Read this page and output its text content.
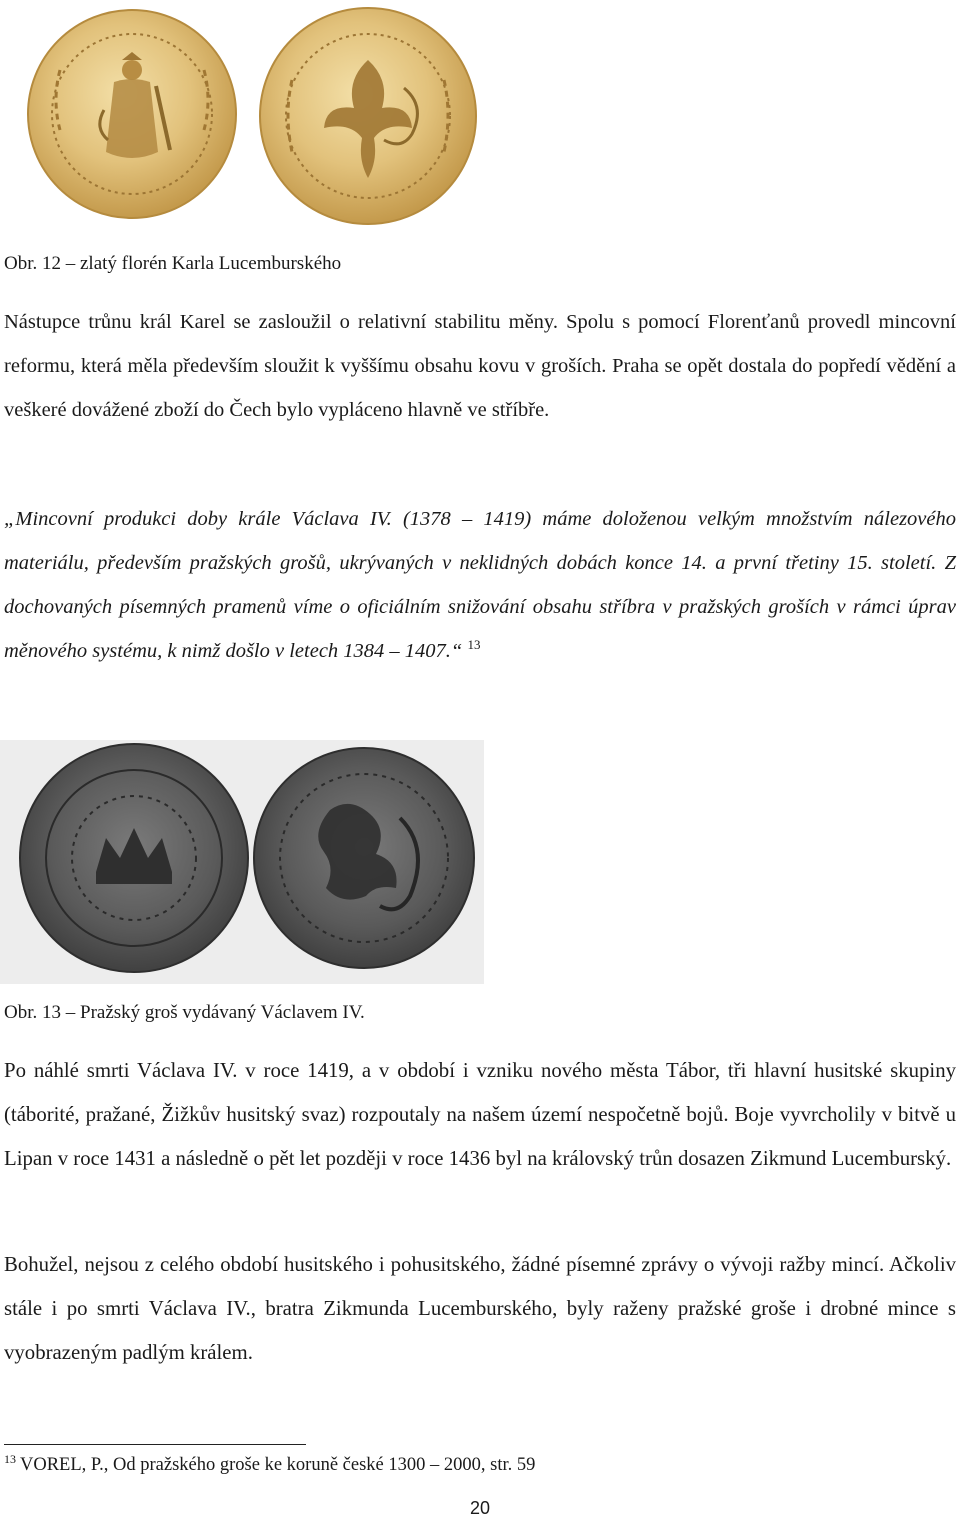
Obr. 12 – zlatý florén Karla Lucemburského

Nástupce trůnu král Karel se zasloužil o relativní stabilitu měny. Spolu s pomocí Florenťanů provedl mincovní reformu, která měla především sloužit k vyššímu obsahu kovu v groších. Praha se opět dostala do popředí vědění a veškeré dovážené zboží do Čech bylo vypláceno hlavně ve stříbře.

„Mincovní produkci doby krále Václava IV. (1378 – 1419) máme doloženou velkým množstvím nálezového materiálu, především pražských grošů, ukrývaných v neklidných dobách konce 14. a první třetiny 15. století. Z dochovaných písemných pramenů víme o oficiálním snižování obsahu stříbra v pražských groších v rámci úprav měnového systému, k nimž došlo v letech 1384 – 1407.“ $^{13}$

Obr. 13 – Pražský groš vydávaný Václavem IV.

Po náhlé smrti Václava IV. v roce 1419, a v období i vzniku nového města Tábor, tři hlavní husitské skupiny (táborité, pražané, Žižkův husitský svaz) rozpoutaly na našem území nespočetně bojů. Boje vyvrcholily v bitvě u Lipan v roce 1431 a následně o pět let později v roce 1436 byl na královský trůn dosazen Zikmund Lucemburský.

Bohužel, nejsou z celého období husitského i pohusitského, žádné písemné zprávy o vývoji ražby mincí. Ačkoliv stále i po smrti Václava IV., bratra Zikmunda Lucemburského, byly raženy pražské groše i drobné mince s vyobrazeným padlým králem.

$^{13}$ VOREL, P., Od pražského groše ke koruně české 1300 – 2000, str. 59
20
